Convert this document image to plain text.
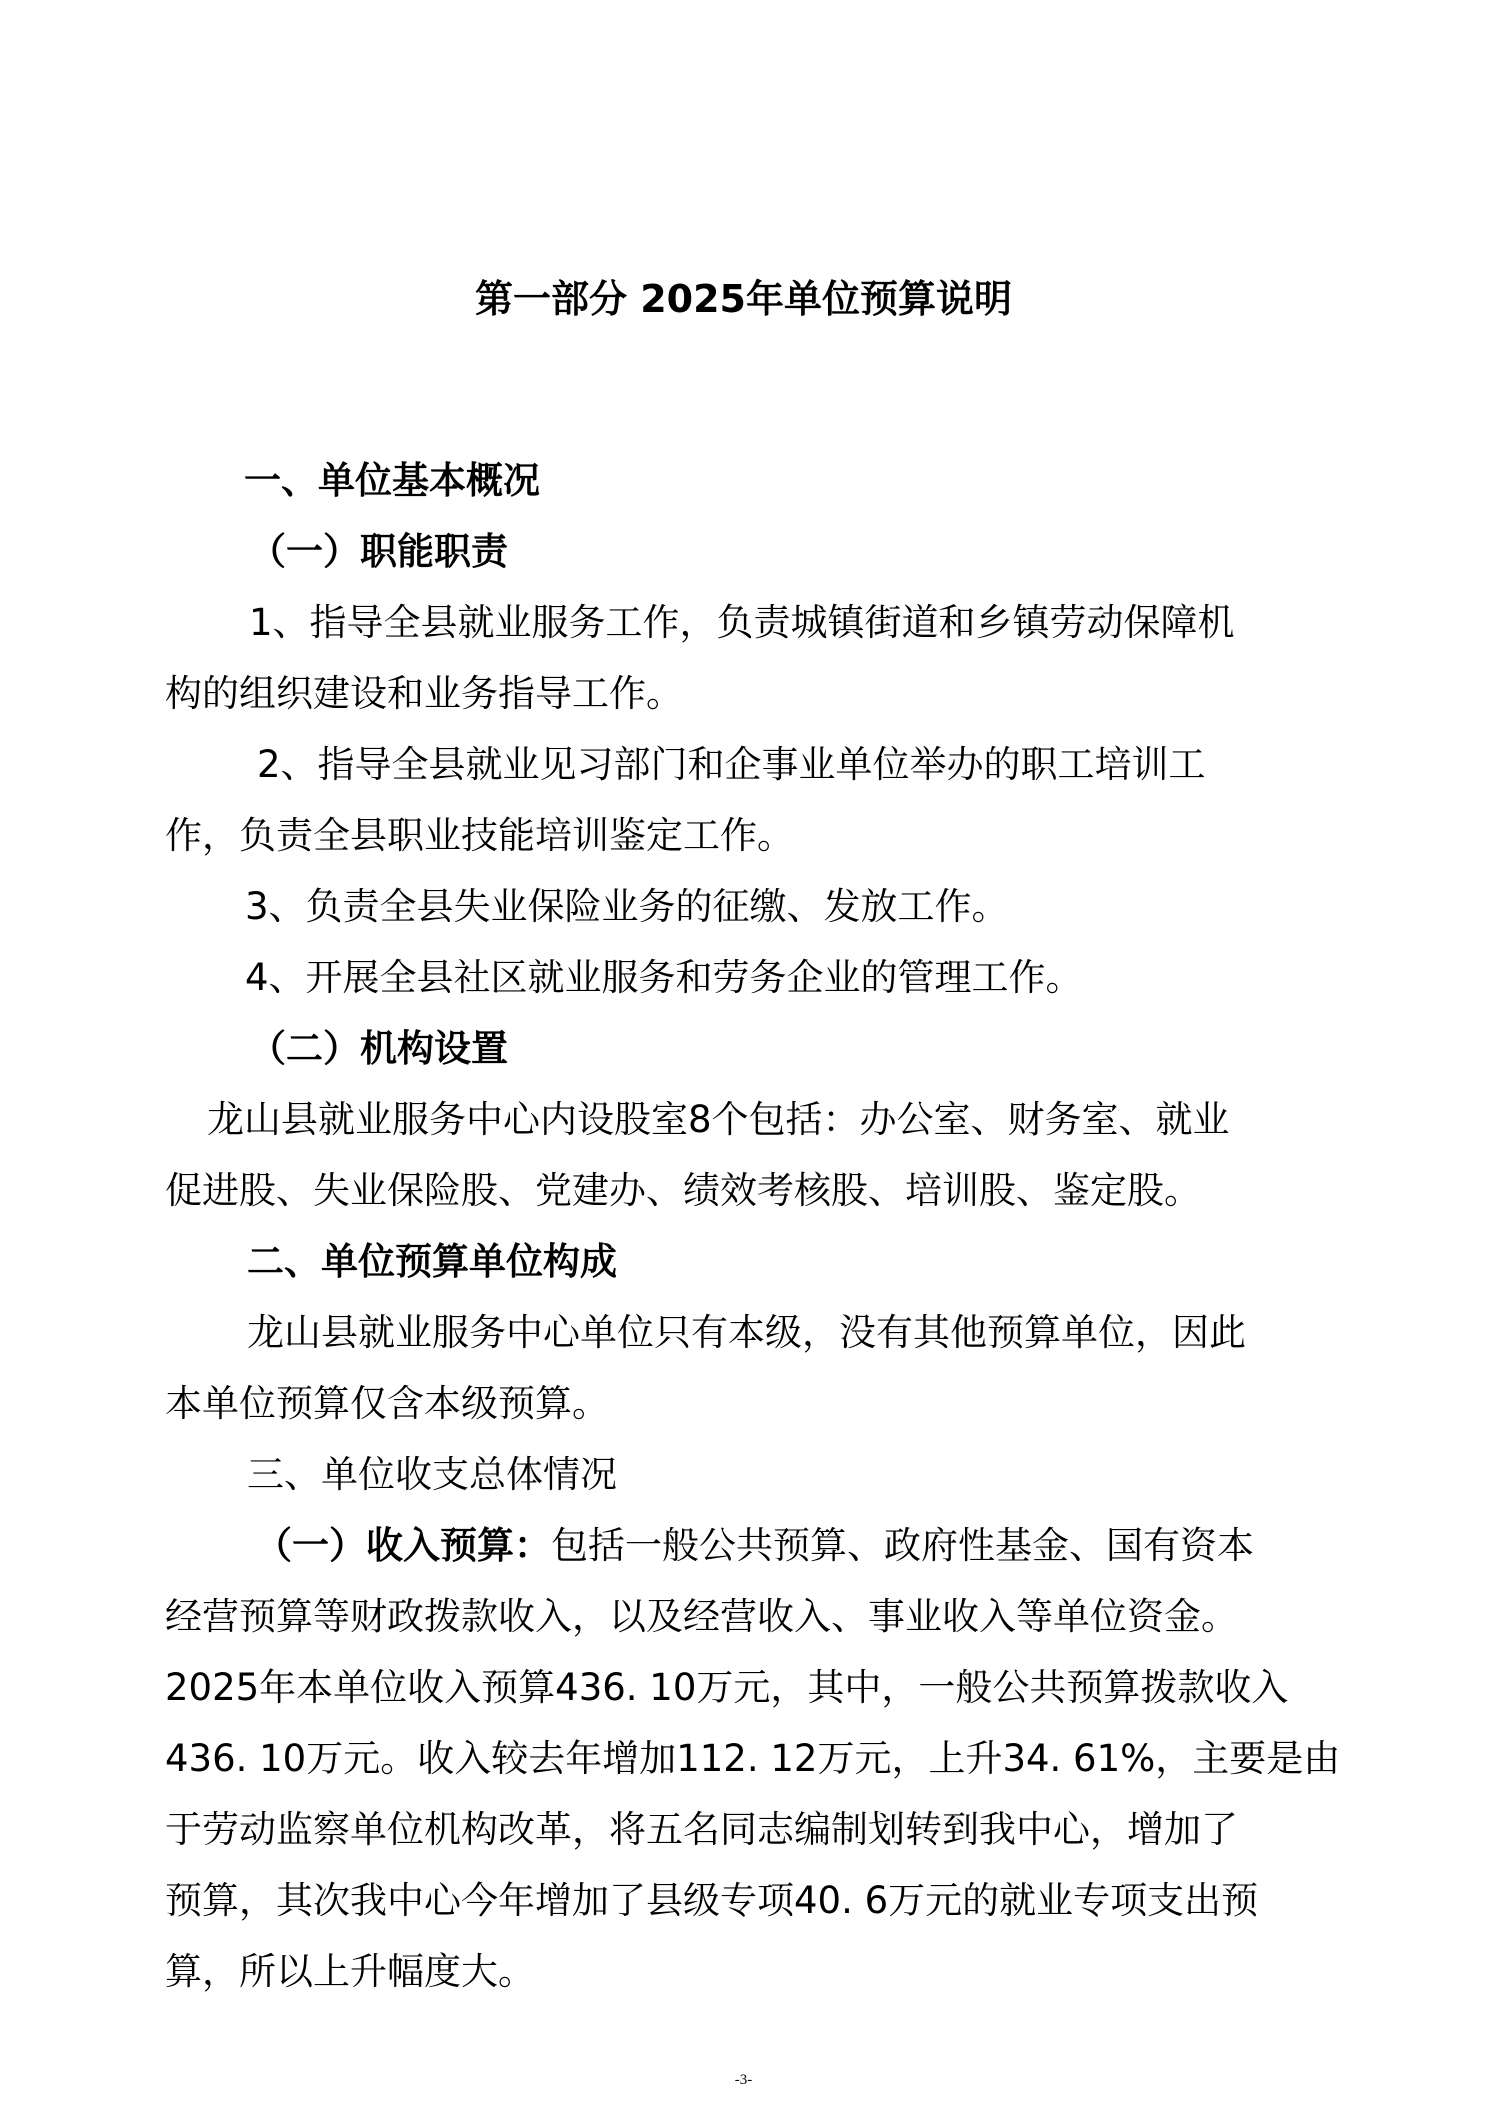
第一部分 2025年单位预算说明
一、单位基本概况
（一）职能职责
1、指导全县就业服务工作，负责城镇街道和乡镇劳动保障机
构的组织建设和业务指导工作。
2、指导全县就业见习部门和企事业单位举办的职工培训工
作，负责全县职业技能培训鉴定工作。
3、负责全县失业保险业务的征缴、发放工作。
4、开展全县社区就业服务和劳务企业的管理工作。
（二）机构设置
龙山县就业服务中心内设股室8个包括：办公室、财务室、就业
促进股、失业保险股、党建办、绩效考核股、培训股、鉴定股。
二、单位预算单位构成
龙山县就业服务中心单位只有本级，没有其他预算单位，因此
本单位预算仅含本级预算。
三、单位收支总体情况
（一）收入预算：包括一般公共预算、政府性基金、国有资本
经营预算等财政拨款收入，以及经营收入、事业收入等单位资金。
2025年本单位收入预算436. 10万元，其中，一般公共预算拨款收入
436. 10万元。收入较去年增加112. 12万元，上升34. 61%，主要是由
于劳动监察单位机构改革，将五名同志编制划转到我中心，增加了
预算，其次我中心今年增加了县级专项40. 6万元的就业专项支出预
算，所以上升幅度大。
-3-
